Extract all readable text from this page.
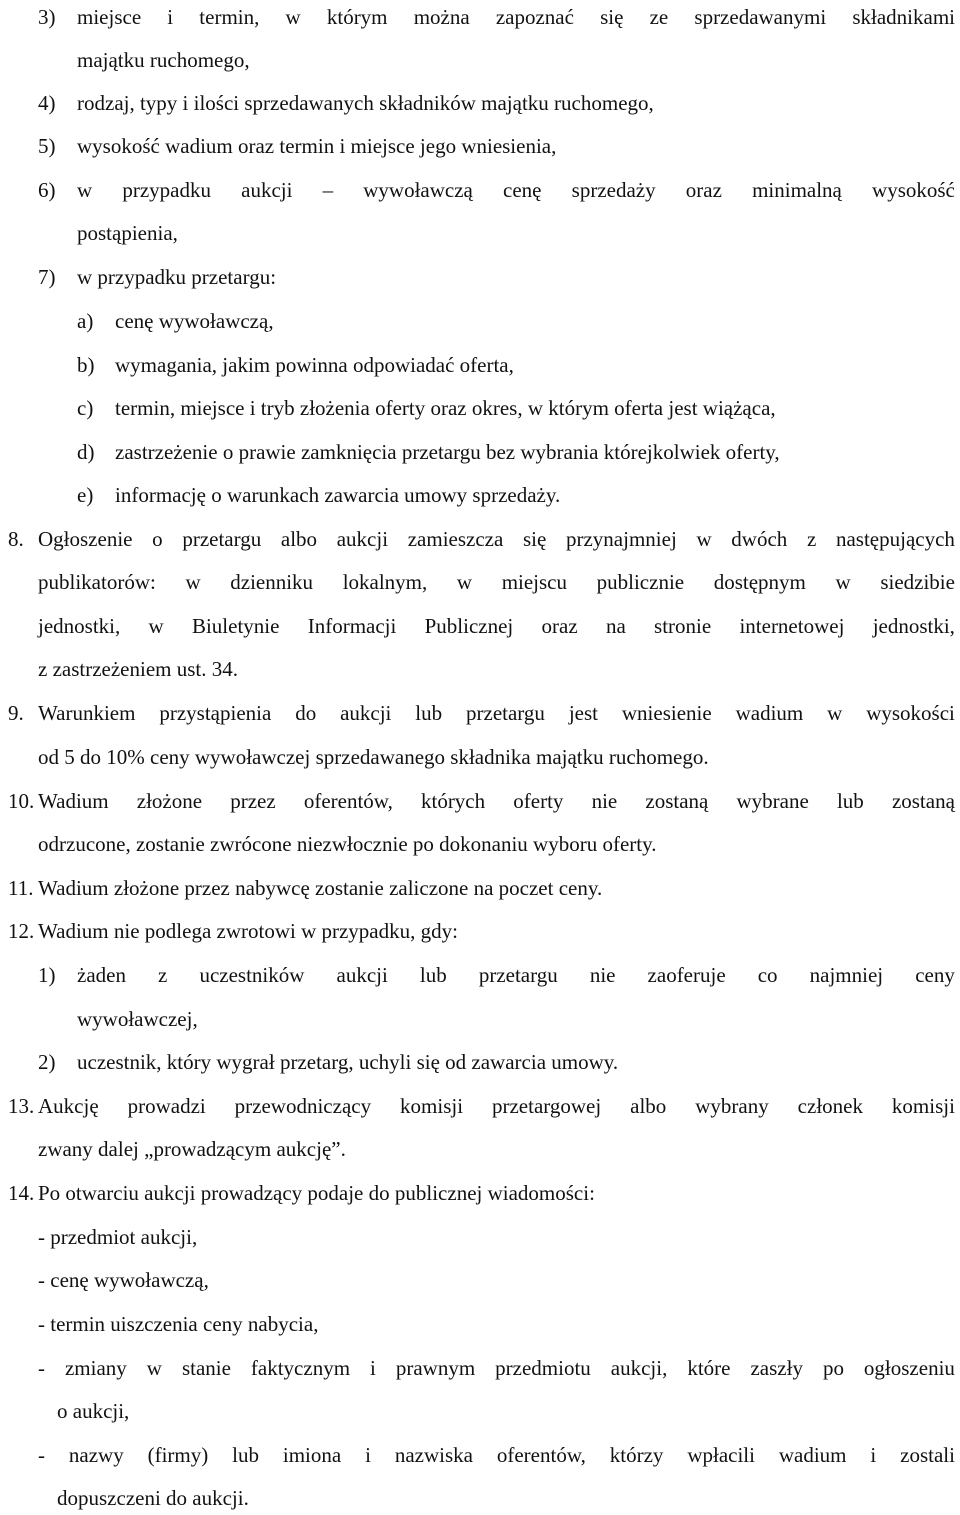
3) miejsce i termin, w którym można zapoznać się ze sprzedawanymi składnikami
majątku ruchomego,
4) rodzaj, typy i ilości sprzedawanych składników majątku ruchomego,
5) wysokość wadium oraz termin i miejsce jego wniesienia,
6) w przypadku aukcji – wywoławczą cenę sprzedaży oraz minimalną wysokość
postąpienia,
7) w przypadku przetargu:
a) cenę wywoławczą,
b) wymagania, jakim powinna odpowiadać oferta,
c) termin, miejsce i tryb złożenia oferty oraz okres, w którym oferta jest wiążąca,
d) zastrzeżenie o prawie zamknięcia przetargu bez wybrania którejkolwiek oferty,
e) informację o warunkach zawarcia umowy sprzedaży.
8. Ogłoszenie o przetargu albo aukcji zamieszcza się przynajmniej w dwóch z następujących
publikatorów: w dzienniku lokalnym, w miejscu publicznie dostępnym w siedzibie
jednostki, w Biuletynie Informacji Publicznej oraz na stronie internetowej jednostki,
z zastrzeżeniem ust. 34.
9. Warunkiem przystąpienia do aukcji lub przetargu jest wniesienie wadium w wysokości
od 5 do 10% ceny wywoławczej sprzedawanego składnika majątku ruchomego.
10. Wadium złożone przez oferentów, których oferty nie zostaną wybrane lub zostaną
odrzucone, zostanie zwrócone niezwłocznie po dokonaniu wyboru oferty.
11. Wadium złożone przez nabywcę zostanie zaliczone na poczet ceny.
12. Wadium nie podlega zwrotowi w przypadku, gdy:
1) żaden z uczestników aukcji lub przetargu nie zaoferuje co najmniej ceny
wywoławczej,
2) uczestnik, który wygrał przetarg, uchyli się od zawarcia umowy.
13. Aukcję prowadzi przewodniczący komisji przetargowej albo wybrany członek komisji
zwany dalej „prowadzącym aukcję”.
14. Po otwarciu aukcji prowadzący podaje do publicznej wiadomości:
- przedmiot aukcji,
- cenę wywoławczą,
- termin uiszczenia ceny nabycia,
- zmiany w stanie faktycznym i prawnym przedmiotu aukcji, które zaszły po ogłoszeniu
o aukcji,
- nazwy (firmy) lub imiona i nazwiska oferentów, którzy wpłacili wadium i zostali
dopuszczeni do aukcji.
